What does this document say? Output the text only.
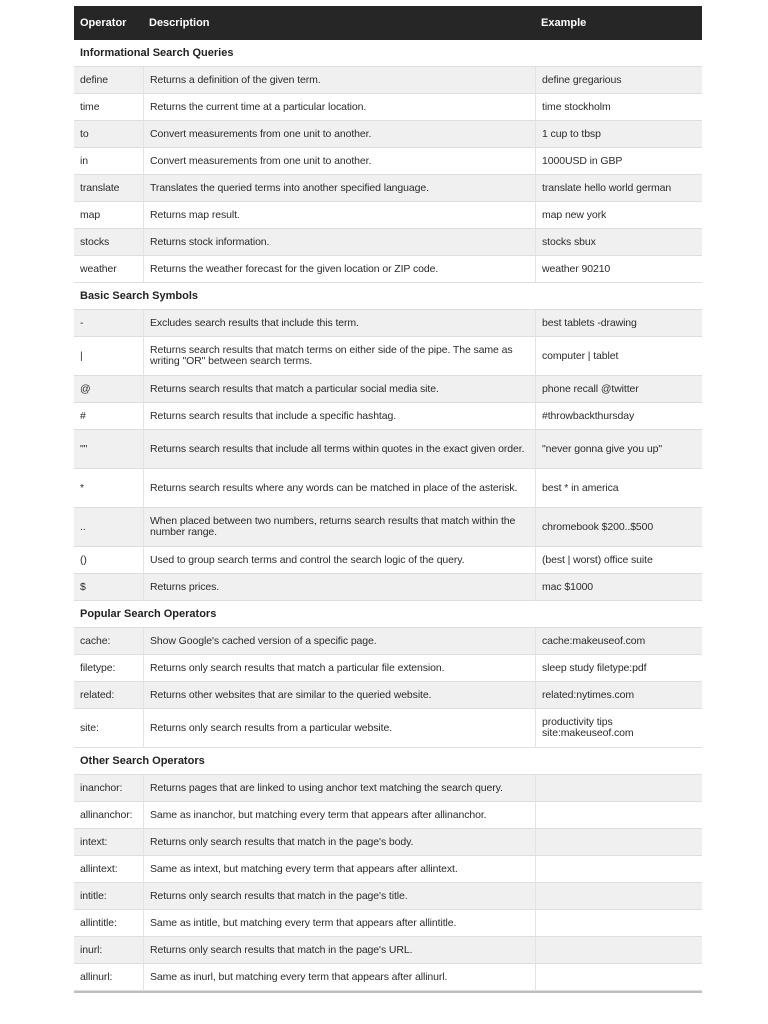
Operator	Description	Example
Informational Search Queries
define	Returns a definition of the given term.	define gregarious
time	Returns the current time at a particular location.	time stockholm
to	Convert measurements from one unit to another.	1 cup to tbsp
in	Convert measurements from one unit to another.	1000USD in GBP
translate	Translates the queried terms into another specified language.	translate hello world german
map	Returns map result.	map new york
stocks	Returns stock information.	stocks sbux
weather	Returns the weather forecast for the given location or ZIP code.	weather 90210
Basic Search Symbols
-	Excludes search results that include this term.	best tablets -drawing
|	Returns search results that match terms on either side of the pipe. The same as writing "OR" between search terms.	computer | tablet
@	Returns search results that match a particular social media site.	phone recall @twitter
#	Returns search results that include a specific hashtag.	#throwbackthursday
""	Returns search results that include all terms within quotes in the exact given order.	"never gonna give you up"
*	Returns search results where any words can be matched in place of the asterisk.	best * in america
..	When placed between two numbers, returns search results that match within the number range.	chromebook $200..$500
()	Used to group search terms and control the search logic of the query.	(best | worst) office suite
$	Returns prices.	mac $1000
Popular Search Operators
cache:	Show Google's cached version of a specific page.	cache:makeuseof.com
filetype:	Returns only search results that match a particular file extension.	sleep study filetype:pdf
related:	Returns other websites that are similar to the queried website.	related:nytimes.com
site:	Returns only search results from a particular website.	productivity tips site:makeuseof.com
Other Search Operators
inanchor:	Returns pages that are linked to using anchor text matching the search query.
allinanchor:	Same as inanchor, but matching every term that appears after allinanchor.
intext:	Returns only search results that match in the page's body.
allintext:	Same as intext, but matching every term that appears after allintext.
intitle:	Returns only search results that match in the page's title.
allintitle:	Same as intitle, but matching every term that appears after allintitle.
inurl:	Returns only search results that match in the page's URL.
allinurl:	Same as inurl, but matching every term that appears after allinurl.
